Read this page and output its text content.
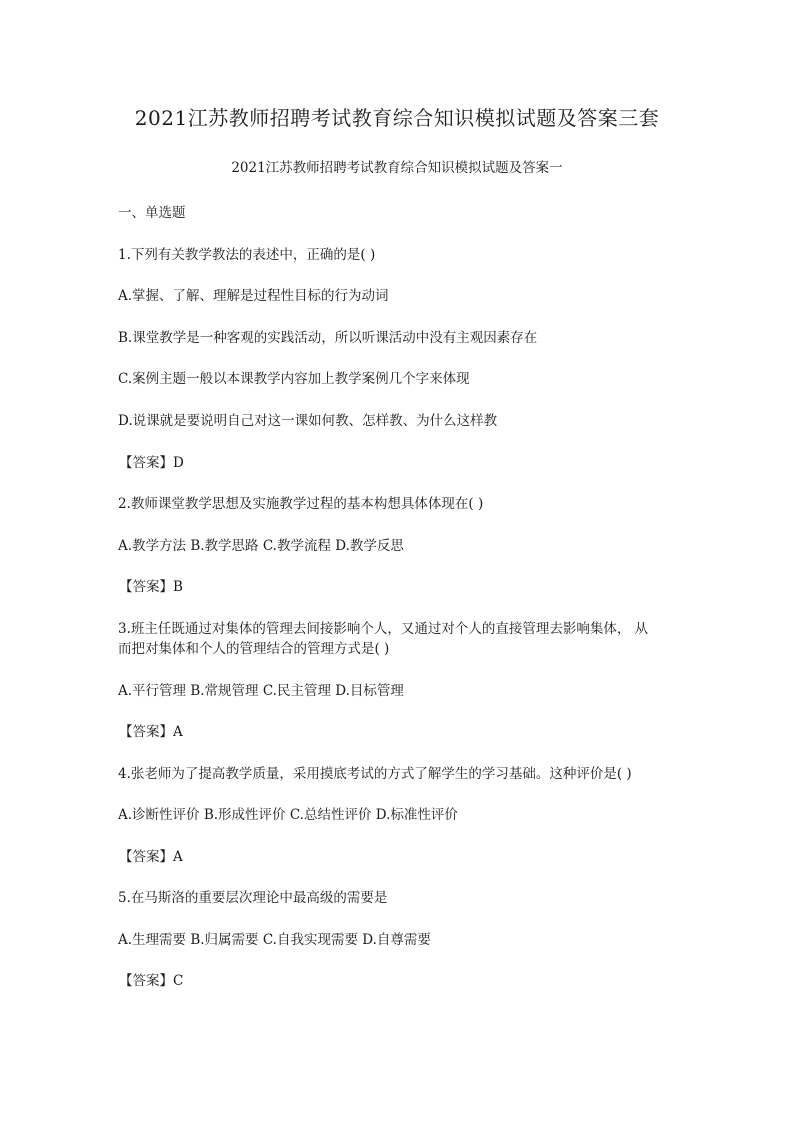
2021江苏教师招聘考试教育综合知识模拟试题及答案三套
2021江苏教师招聘考试教育综合知识模拟试题及答案一
一、单选题
1.下列有关教学教法的表述中，正确的是( )
A.掌握、了解、理解是过程性目标的行为动词
B.课堂教学是一种客观的实践活动，所以听课活动中没有主观因素存在
C.案例主题一般以本课教学内容加上教学案例几个字来体现
D.说课就是要说明自己对这一课如何教、怎样教、为什么这样教
【答案】D
2.教师课堂教学思想及实施教学过程的基本构想具体体现在( )
A.教学方法 B.教学思路 C.教学流程 D.教学反思
【答案】B
3.班主任既通过对集体的管理去间接影响个人，又通过对个人的直接管理去影响集体， 从
而把对集体和个人的管理结合的管理方式是( )
A.平行管理 B.常规管理 C.民主管理 D.目标管理
【答案】A
4.张老师为了提高教学质量，采用摸底考试的方式了解学生的学习基础。这种评价是( )
A.诊断性评价 B.形成性评价 C.总结性评价 D.标准性评价
【答案】A
5.在马斯洛的重要层次理论中最高级的需要是
A.生理需要 B.归属需要 C.自我实现需要 D.自尊需要
【答案】C
